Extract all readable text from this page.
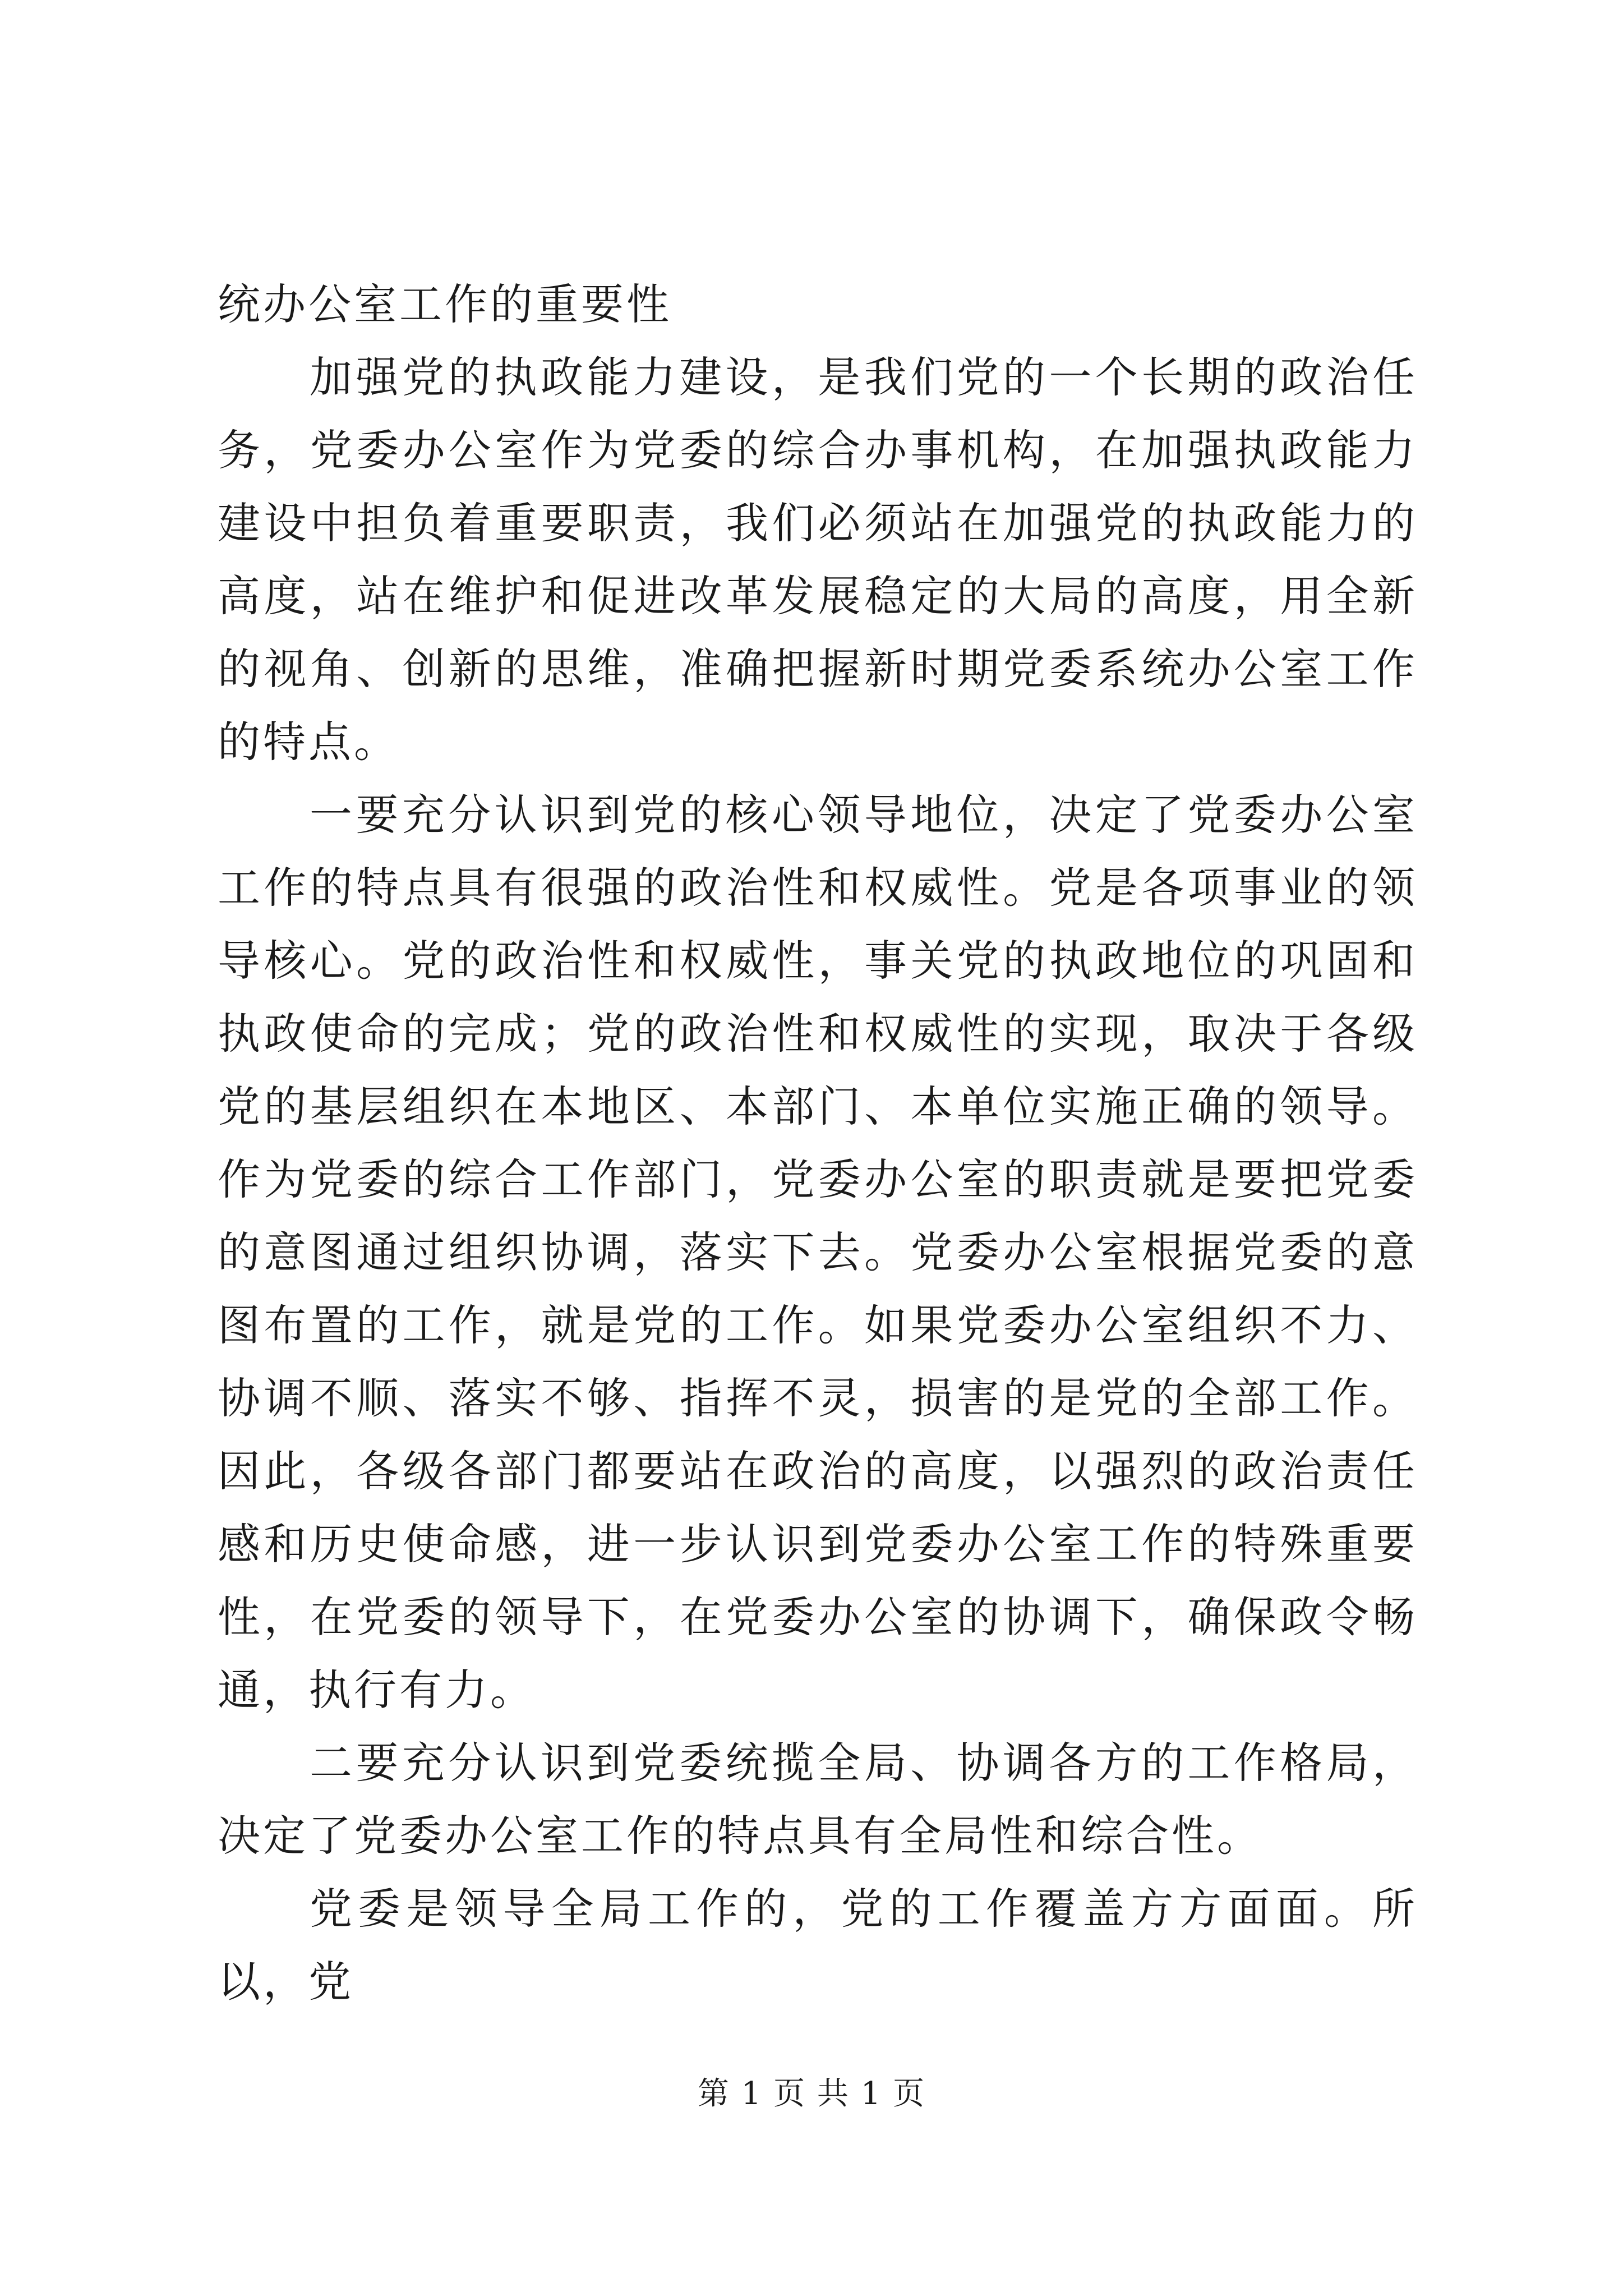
统办公室工作的重要性

加强党的执政能力建设，是我们党的一个长期的政治任务，党委办公室作为党委的综合办事机构，在加强执政能力建设中担负着重要职责，我们必须站在加强党的执政能力的高度，站在维护和促进改革发展稳定的大局的高度，用全新的视角、创新的思维，准确把握新时期党委系统办公室工作的特点。

一要充分认识到党的核心领导地位，决定了党委办公室工作的特点具有很强的政治性和权威性。党是各项事业的领导核心。党的政治性和权威性，事关党的执政地位的巩固和执政使命的完成；党的政治性和权威性的实现，取决于各级党的基层组织在本地区、本部门、本单位实施正确的领导。作为党委的综合工作部门，党委办公室的职责就是要把党委的意图通过组织协调，落实下去。党委办公室根据党委的意图布置的工作，就是党的工作。如果党委办公室组织不力、协调不顺、落实不够、指挥不灵，损害的是党的全部工作。因此，各级各部门都要站在政治的高度，以强烈的政治责任感和历史使命感，进一步认识到党委办公室工作的特殊重要性，在党委的领导下，在党委办公室的协调下，确保政令畅通，执行有力。

二要充分认识到党委统揽全局、协调各方的工作格局，决定了党委办公室工作的特点具有全局性和综合性。

党委是领导全局工作的，党的工作覆盖方方面面。所以，党

第 1 页 共 1 页
